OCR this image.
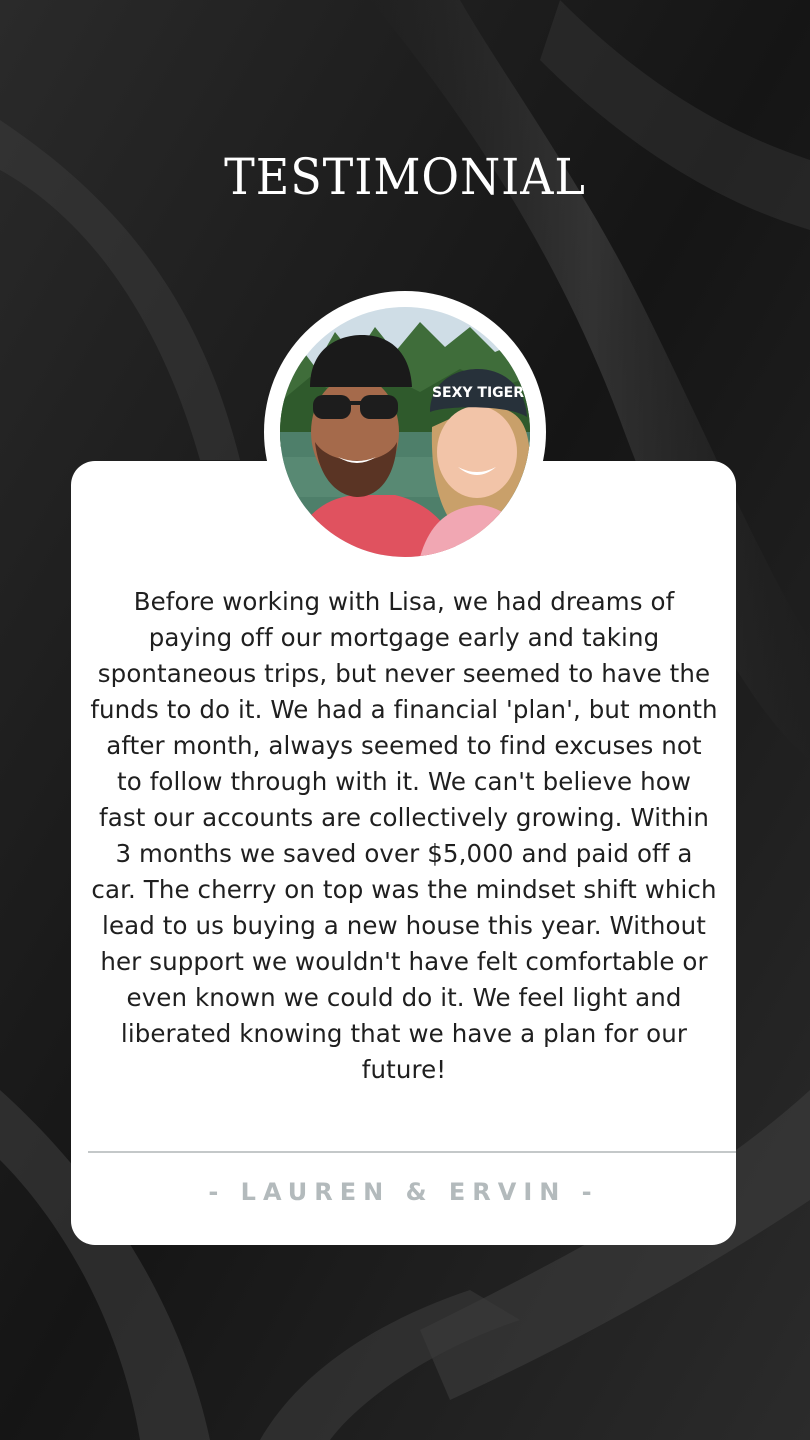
TESTIMONIAL
SEXY TIGER
Before working with Lisa, we had dreams of paying off our mortgage early and taking spontaneous trips, but never seemed to have the funds to do it. We had a financial 'plan', but month after month, always seemed to find excuses not to follow through with it. We can't believe how fast our accounts are collectively growing. Within 3 months we saved over $5,000 and paid off a car. The cherry on top was the mindset shift which lead to us buying a new house this year. Without her support we wouldn't have felt comfortable or even known we could do it. We feel light and liberated knowing that we have a plan for our future!
- LAUREN & ERVIN -
